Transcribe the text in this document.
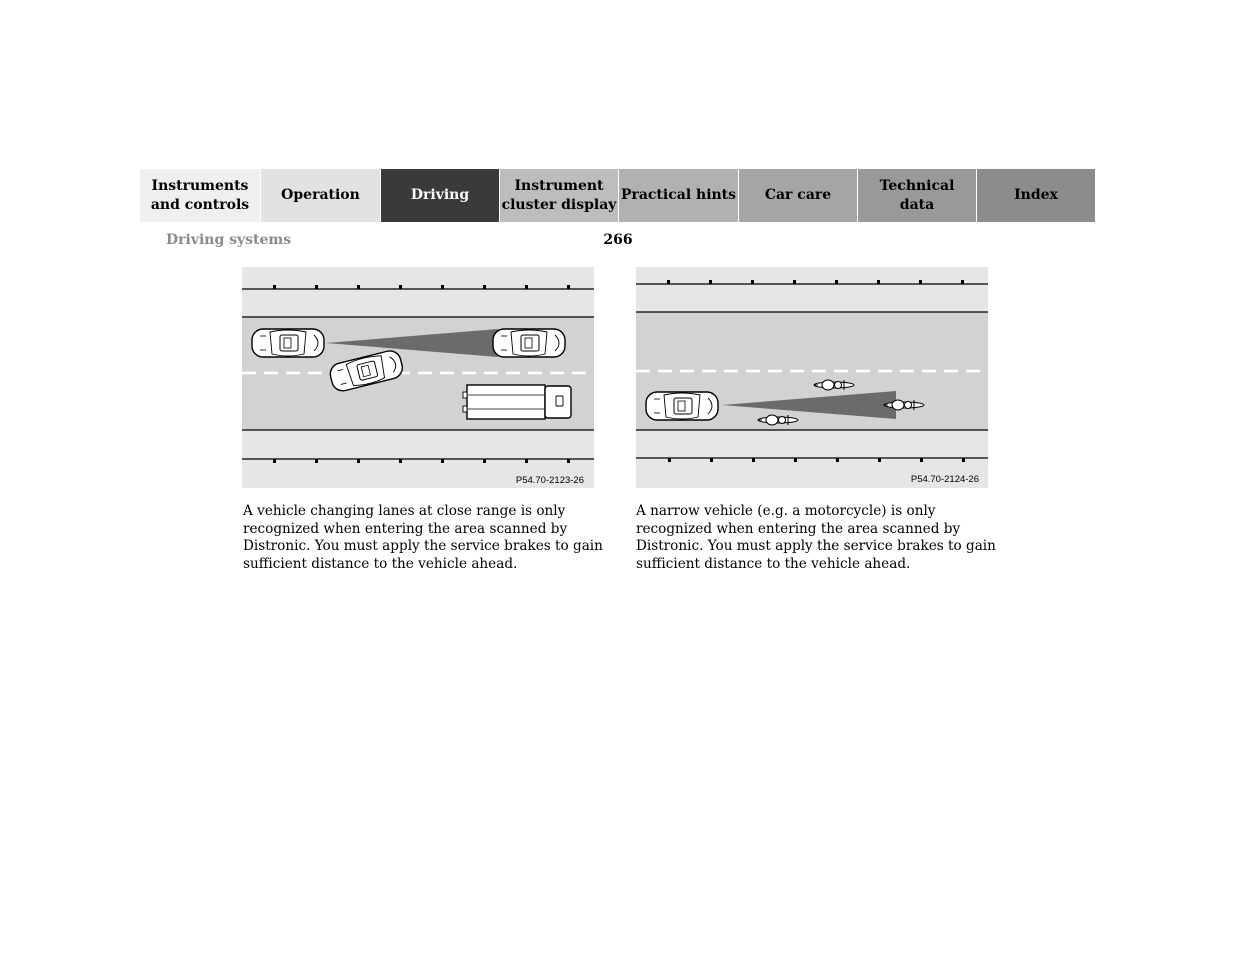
Instruments
and controls
Operation	Driving
Instrument
cluster display
Practical hints	Car care
Technical
data
Index
Driving systems	266
P54.70-2123-26	P54.70-2124-26

A vehicle changing lanes at close range is only recognized when entering the area scanned by Distronic. You must apply the service brakes to gain sufficient distance to the vehicle ahead.

A narrow vehicle (e.g. a motorcycle) is only recognized when entering the area scanned by Distronic. You must apply the service brakes to gain sufficient distance to the vehicle ahead.
